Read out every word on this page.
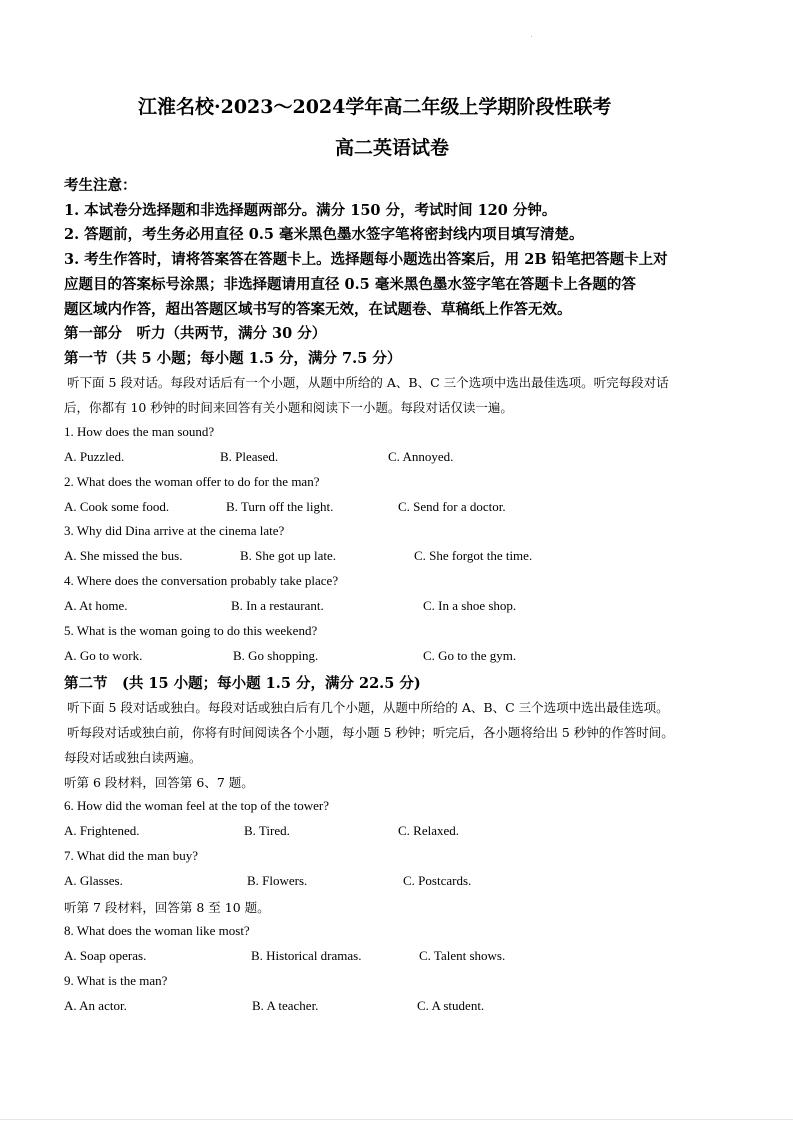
江淮名校·2023～2024学年高二年级上学期阶段性联考
高二英语试卷
考生注意：
1. 本试卷分选择题和非选择题两部分。满分 150 分，考试时间 120 分钟。
2. 答题前，考生务必用直径 0.5 毫米黑色墨水签字笔将密封线内项目填写清楚。
3. 考生作答时，请将答案答在答题卡上。选择题每小题选出答案后，用 2B 铅笔把答题卡上对
应题目的答案标号涂黑；非选择题请用直径 0.5 毫米黑色墨水签字笔在答题卡上各题的答
题区域内作答，超出答题区域书写的答案无效，在试题卷、草稿纸上作答无效。
第一部分　听力（共两节，满分 30 分）
第一节（共 5 小题；每小题 1.5 分，满分 7.5 分）
听下面 5 段对话。每段对话后有一个小题，从题中所给的 A、B、C 三个选项中选出最佳选项。听完每段对话
后，你都有 10 秒钟的时间来回答有关小题和阅读下一小题。每段对话仅读一遍。
1. How does the man sound?
A. Puzzled.	B. Pleased.	C. Annoyed.
2. What does the woman offer to do for the man?
A. Cook some food.	B. Turn off the light.	C. Send for a doctor.
3. Why did Dina arrive at the cinema late?
A. She missed the bus.	B. She got up late.	C. She forgot the time.
4. Where does the conversation probably take place?
A. At home.	B. In a restaurant.	C. In a shoe shop.
5. What is the woman going to do this weekend?
A. Go to work.	B. Go shopping.	C. Go to the gym.
第二节　(共 15 小题；每小题 1.5 分，满分 22.5 分)
听下面 5 段对话或独白。每段对话或独白后有几个小题，从题中所给的 A、B、C 三个选项中选出最佳选项。
听每段对话或独白前，你将有时间阅读各个小题，每小题 5 秒钟；听完后，各小题将给出 5 秒钟的作答时间。
每段对话或独白读两遍。
听第 6 段材料，回答第 6、7 题。
6. How did the woman feel at the top of the tower?
A. Frightened.	B. Tired.	C. Relaxed.
7. What did the man buy?
A. Glasses.	B. Flowers.	C. Postcards.
听第 7 段材料，回答第 8 至 10 题。
8. What does the woman like most?
A. Soap operas.	B. Historical dramas.	C. Talent shows.
9. What is the man?
A. An actor.	B. A teacher.	C. A student.
